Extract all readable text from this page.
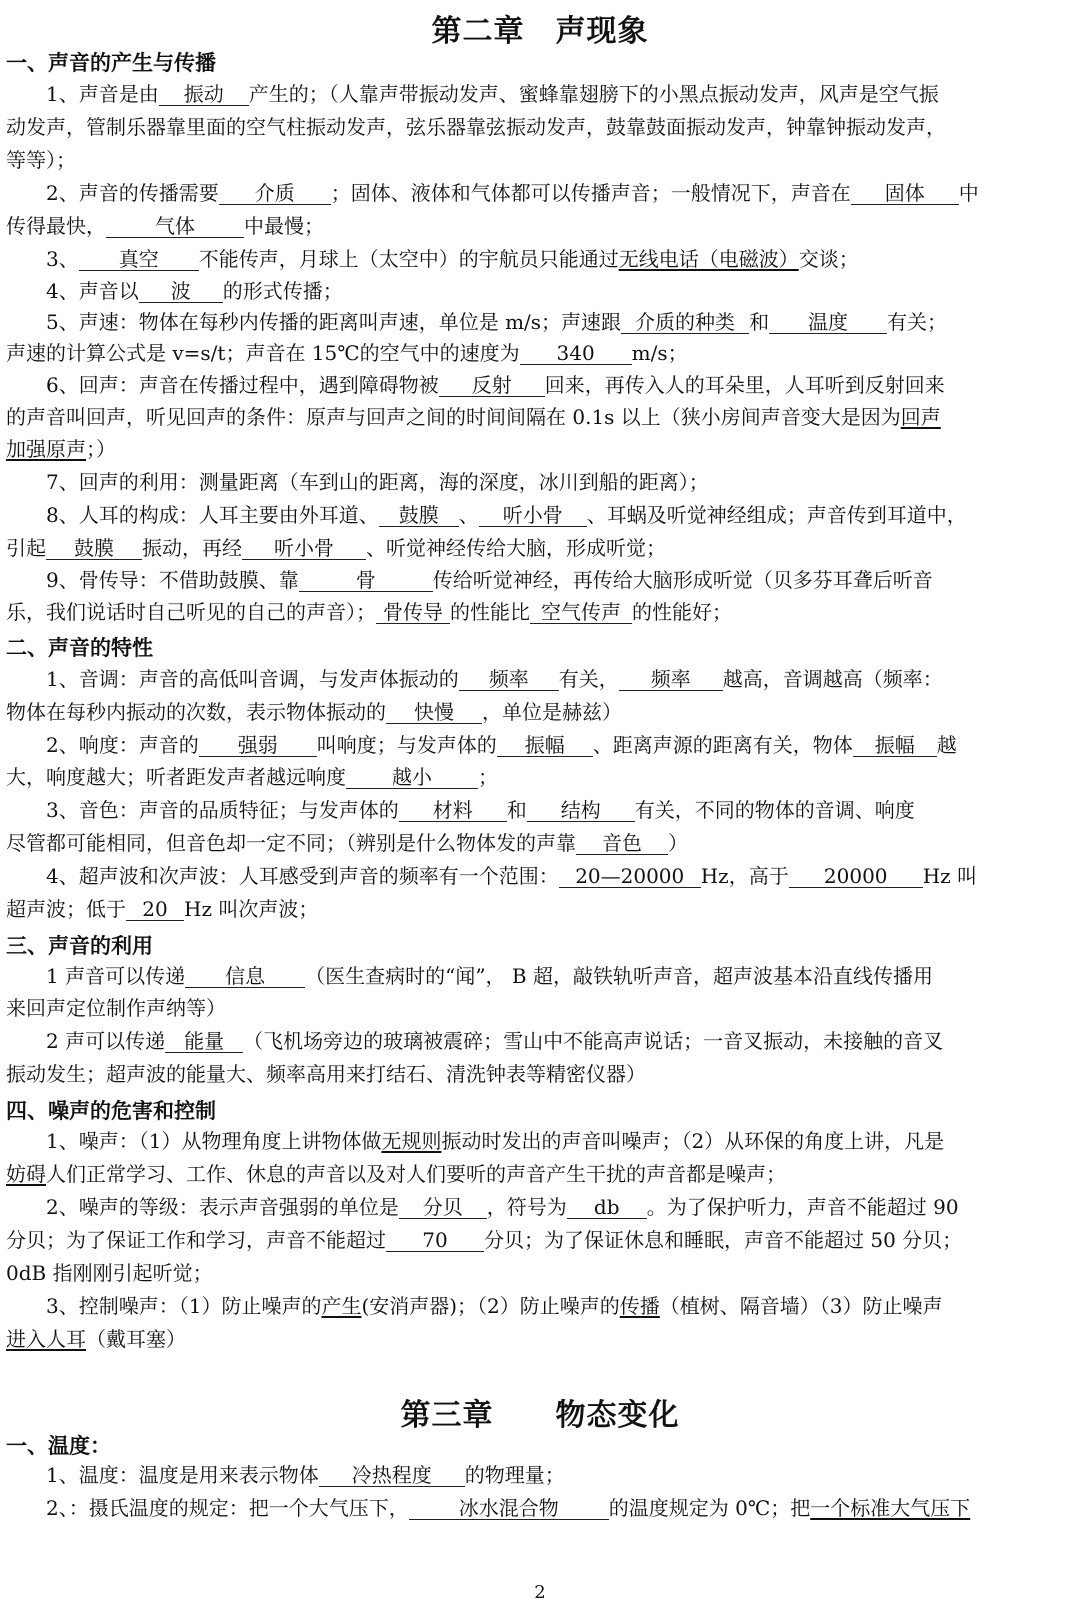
第二章　声现象
一、声音的产生与传播
1、声音是由 振动 产生的；（人靠声带振动发声、蜜蜂靠翅膀下的小黑点振动发声，风声是空气振
动发声，管制乐器靠里面的空气柱振动发声，弦乐器靠弦振动发声，鼓靠鼓面振动发声，钟靠钟振动发声，
等等）；
2、声音的传播需要 介质 ；固体、液体和气体都可以传播声音；一般情况下，声音在 固体 中
传得最快， 气体 中最慢；
3、 真空 不能传声，月球上（太空中）的宇航员只能通过无线电话（电磁波）交谈；
4、声音以 波 的形式传播；
5、声速：物体在每秒内传播的距离叫声速，单位是 m/s；声速跟 介质的种类 和 温度 有关；
声速的计算公式是 v=s/t；声音在 15℃的空气中的速度为 340 m/s；
6、回声：声音在传播过程中，遇到障碍物被 反射 回来，再传入人的耳朵里，人耳听到反射回来
的声音叫回声，听见回声的条件：原声与回声之间的时间间隔在 0.1s 以上（狭小房间声音变大是因为回声
加强原声；）
7、回声的利用：测量距离（车到山的距离，海的深度，冰川到船的距离）；
8、人耳的构成：人耳主要由外耳道、 鼓膜 、 听小骨 、耳蜗及听觉神经组成；声音传到耳道中，
引起 鼓膜 振动，再经 听小骨 、听觉神经传给大脑，形成听觉；
9、骨传导：不借助鼓膜、靠	骨	传给听觉神经，再传给大脑形成听觉（贝多芬耳聋后听音
乐，我们说话时自己听见的自己的声音）； 骨传导 的性能比 空气传声 的性能好；
二、声音的特性
1、音调：声音的高低叫音调，与发声体振动的 频率 有关， 频率 越高，音调越高（频率：
物体在每秒内振动的次数，表示物体振动的 快慢 ，单位是赫兹）
2、响度：声音的 强弱 叫响度；与发声体的 振幅 、距离声源的距离有关，物体 振幅 越
大，响度越大；听者距发声者越远响度 越小 ；
3、音色：声音的品质特征；与发声体的 材料 和 结构 有关，不同的物体的音调、响度
尽管都可能相同，但音色却一定不同；（辨别是什么物体发的声靠 音色 ）
4、超声波和次声波：人耳感受到声音的频率有一个范围： 20—20000 Hz，高于 20000 Hz 叫
超声波；低于 20 Hz 叫次声波；
三、声音的利用
1 声音可以传递 信息 （医生查病时的“闻”， B 超，敲铁轨听声音，超声波基本沿直线传播用
来回声定位制作声纳等）
2 声可以传递 能量 （飞机场旁边的玻璃被震碎；雪山中不能高声说话；一音叉振动，未接触的音叉
振动发生；超声波的能量大、频率高用来打结石、清洗钟表等精密仪器）
四、噪声的危害和控制
1、噪声：（1）从物理角度上讲物体做无规则振动时发出的声音叫噪声；（2）从环保的角度上讲，凡是
妨碍人们正常学习、工作、休息的声音以及对人们要听的声音产生干扰的声音都是噪声；
2、噪声的等级：表示声音强弱的单位是 分贝 ，符号为 db 。为了保护听力，声音不能超过 90
分贝；为了保证工作和学习，声音不能超过 70 分贝；为了保证休息和睡眠，声音不能超过 50 分贝；
0dB 指刚刚引起听觉；
3、控制噪声：（1）防止噪声的产生(安消声器)；（2）防止噪声的传播（植树、隔音墙）（3）防止噪声
进入人耳（戴耳塞）
第三章　　物态变化
一、温度：
1、温度：温度是用来表示物体 冷热程度 的物理量；
2、：摄氏温度的规定：把一个大气压下，	冰水混合物	的温度规定为 0℃；把一个标准大气压下
2
